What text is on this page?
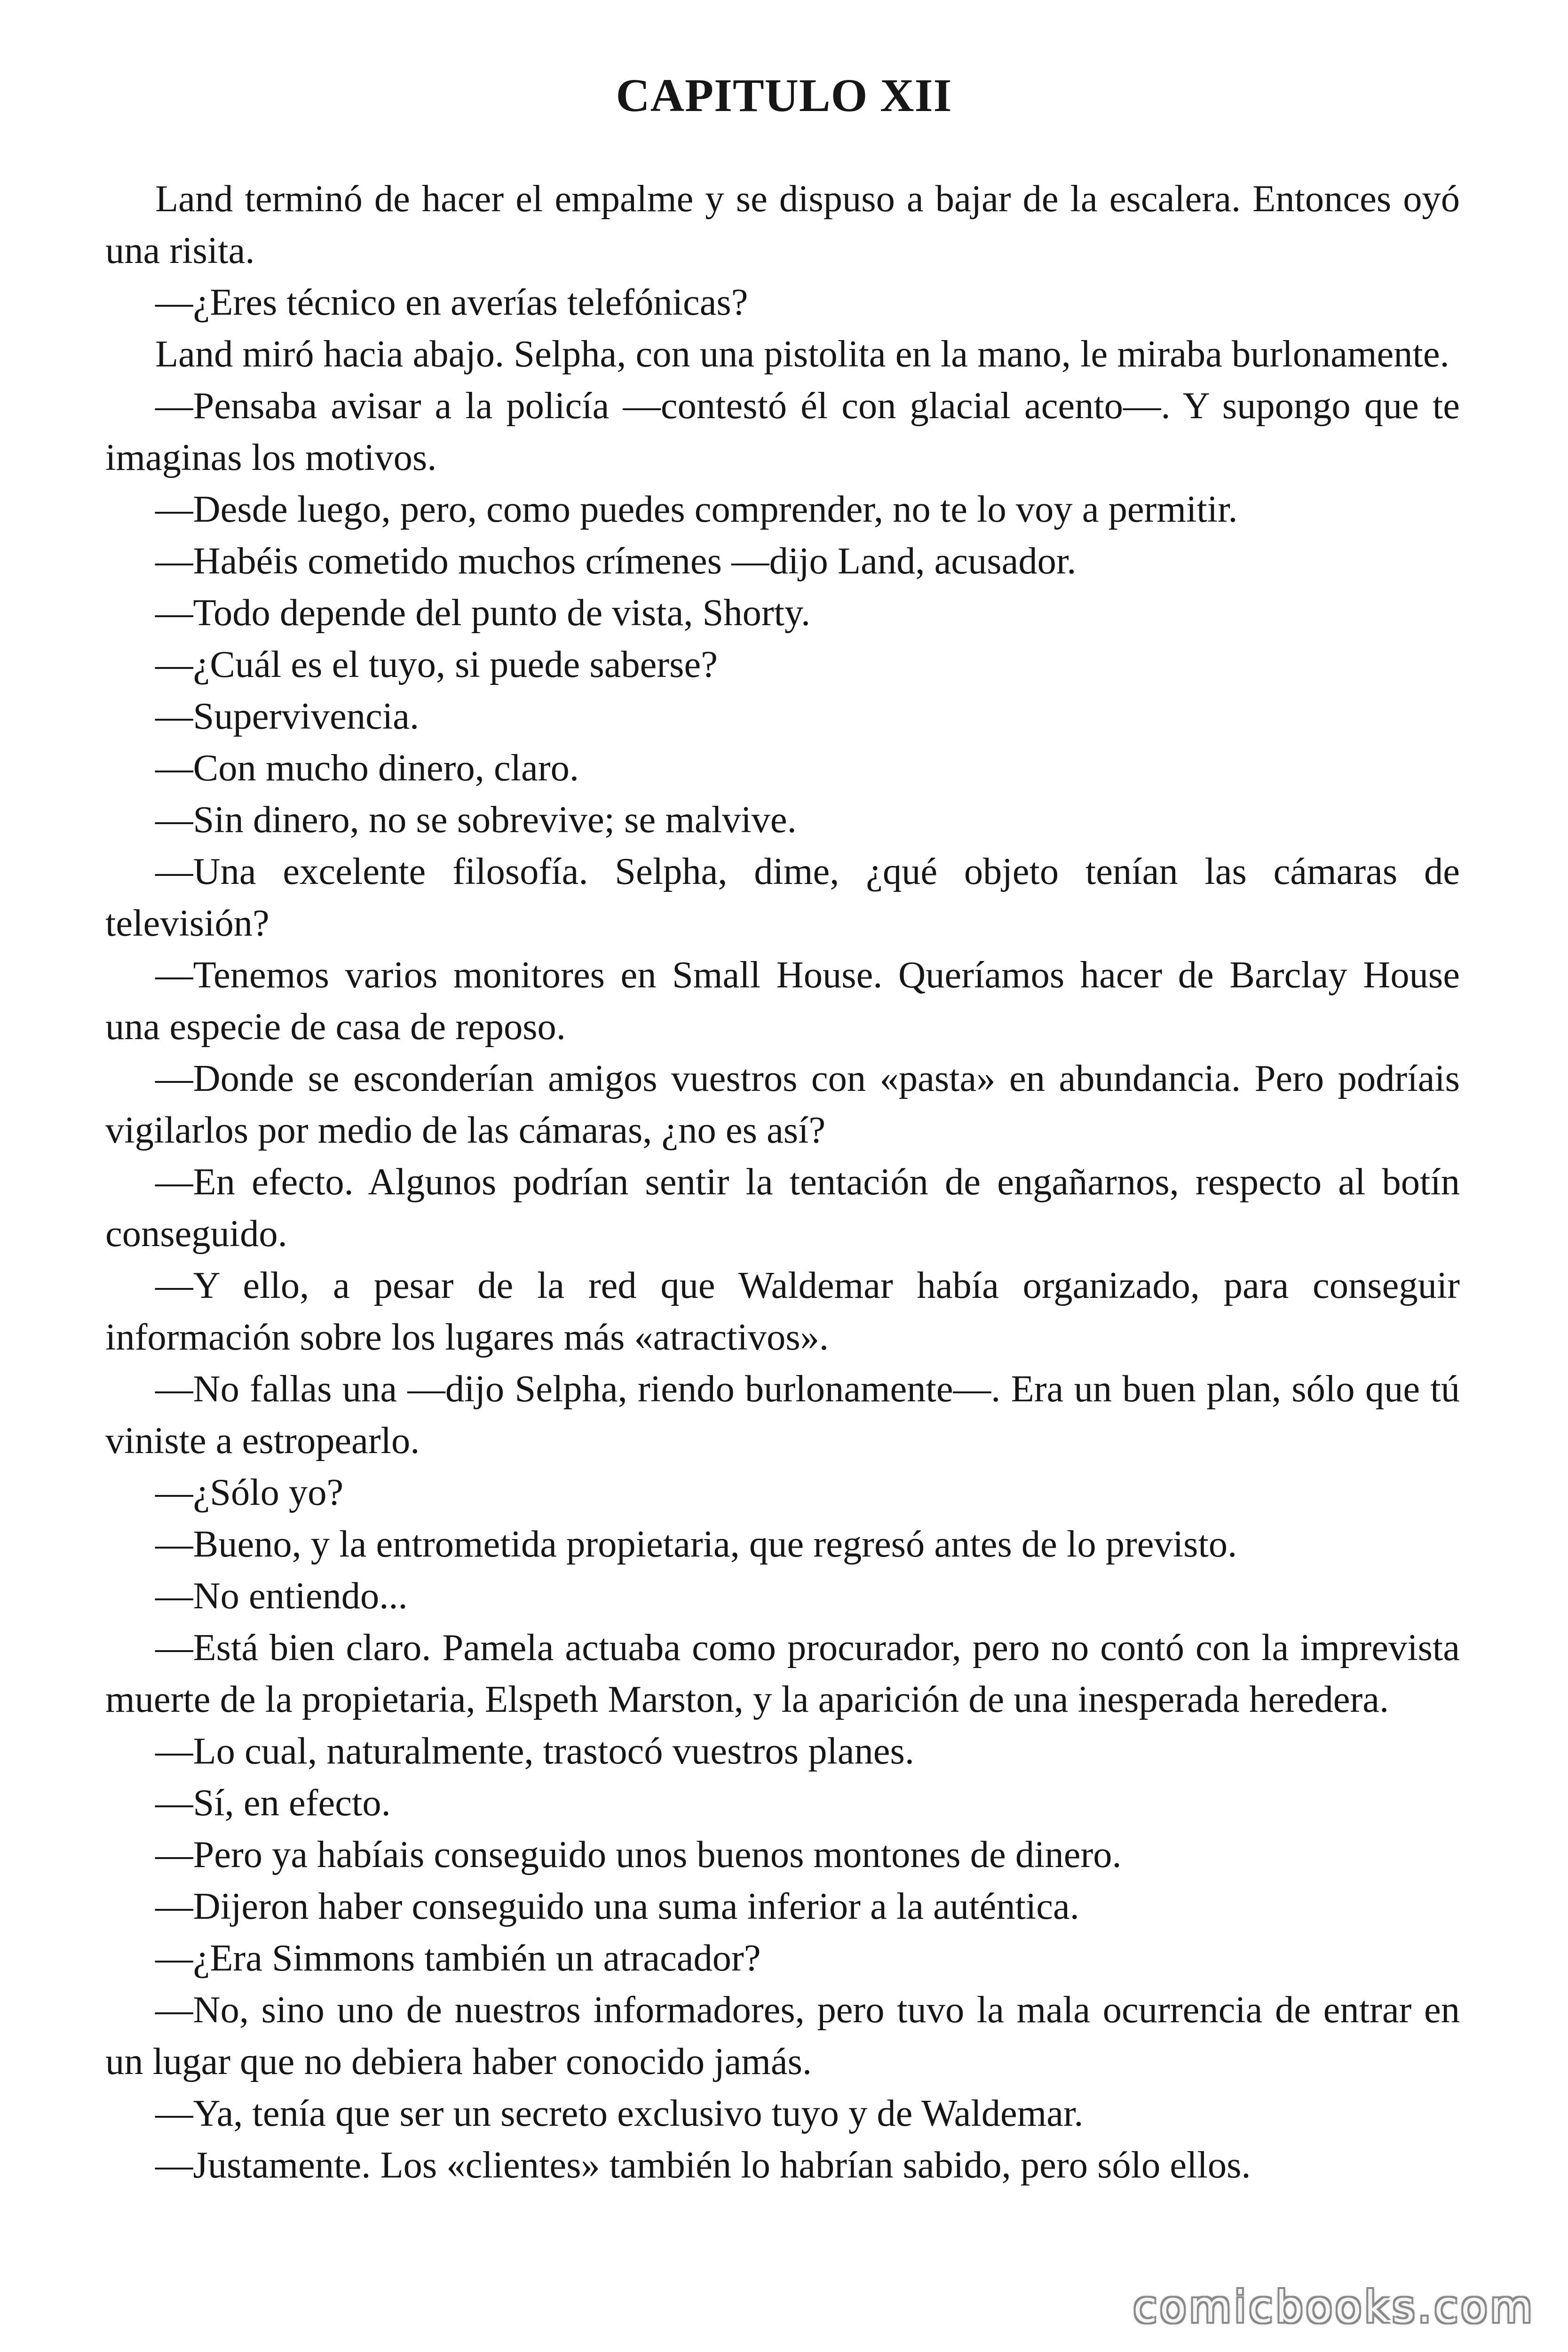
CAPITULO XII

Land terminó de hacer el empalme y se dispuso a bajar de la escalera. Entonces oyó una risita.

—¿Eres técnico en averías telefónicas?

Land miró hacia abajo. Selpha, con una pistolita en la mano, le miraba burlonamente.

—Pensaba avisar a la policía —contestó él con glacial acento—. Y supongo que te imaginas los motivos.

—Desde luego, pero, como puedes comprender, no te lo voy a permitir.

—Habéis cometido muchos crímenes —dijo Land, acusador.

—Todo depende del punto de vista, Shorty.

—¿Cuál es el tuyo, si puede saberse?

—Supervivencia.

—Con mucho dinero, claro.

—Sin dinero, no se sobrevive; se malvive.

—Una excelente filosofía. Selpha, dime, ¿qué objeto tenían las cámaras de televisión?

—Tenemos varios monitores en Small House. Queríamos hacer de Barclay House una especie de casa de reposo.

—Donde se esconderían amigos vuestros con «pasta» en abundancia. Pero podríais vigilarlos por medio de las cámaras, ¿no es así?

—En efecto. Algunos podrían sentir la tentación de engañarnos, respecto al botín conseguido.

—Y ello, a pesar de la red que Waldemar había organizado, para conseguir información sobre los lugares más «atractivos».

—No fallas una —dijo Selpha, riendo burlonamente—. Era un buen plan, sólo que tú viniste a estropearlo.

—¿Sólo yo?

—Bueno, y la entrometida propietaria, que regresó antes de lo previsto.

—No entiendo...

—Está bien claro. Pamela actuaba como procurador, pero no contó con la imprevista muerte de la propietaria, Elspeth Marston, y la aparición de una inesperada heredera.

—Lo cual, naturalmente, trastocó vuestros planes.

—Sí, en efecto.

—Pero ya habíais conseguido unos buenos montones de dinero.

—Dijeron haber conseguido una suma inferior a la auténtica.

—¿Era Simmons también un atracador?

—No, sino uno de nuestros informadores, pero tuvo la mala ocurrencia de entrar en un lugar que no debiera haber conocido jamás.

—Ya, tenía que ser un secreto exclusivo tuyo y de Waldemar.

—Justamente. Los «clientes» también lo habrían sabido, pero sólo ellos.

comicbooks.com
